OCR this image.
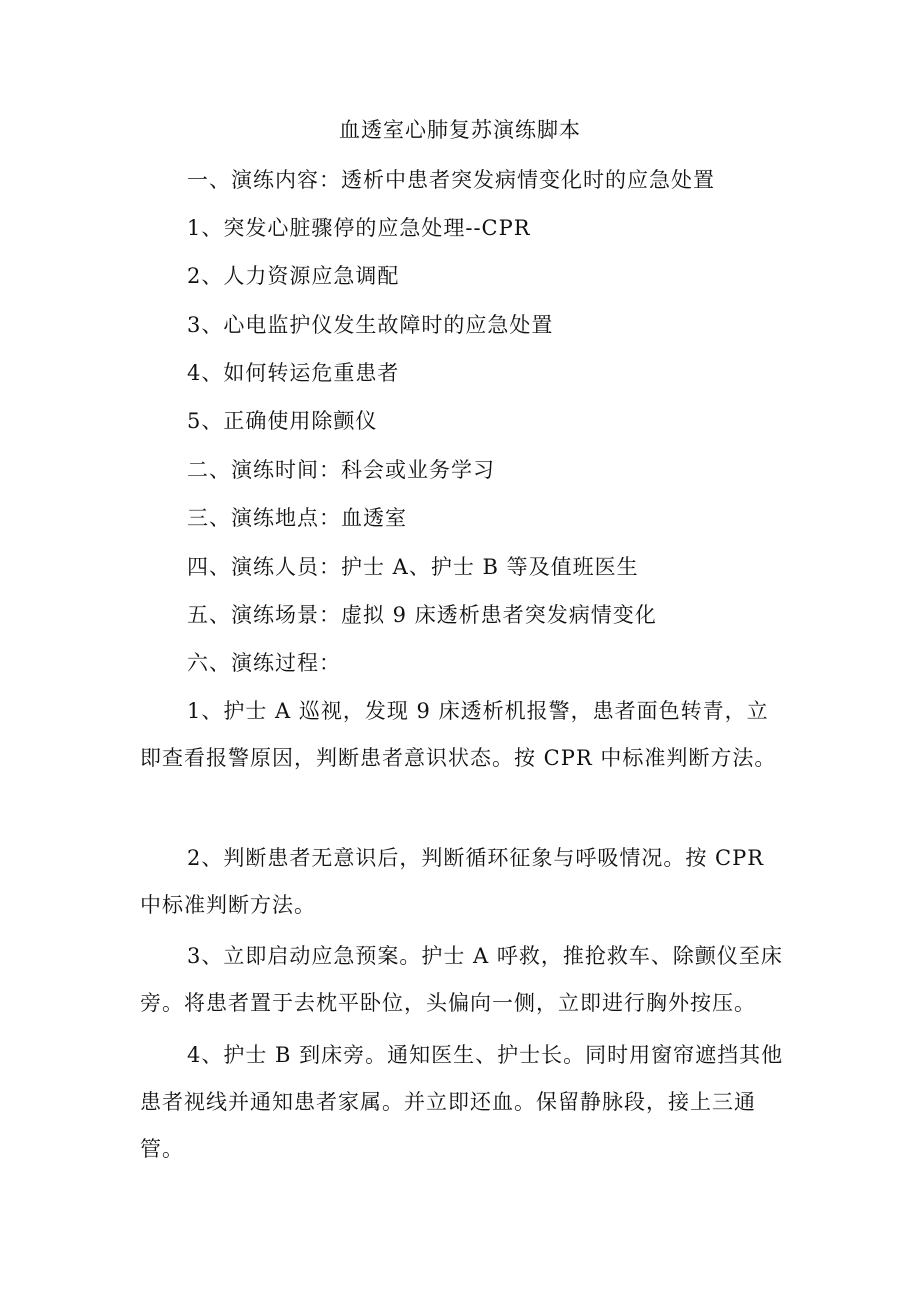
血透室心肺复苏演练脚本
一、演练内容：透析中患者突发病情变化时的应急处置
1、突发心脏骤停的应急处理--CPR
2、人力资源应急调配
3、心电监护仪发生故障时的应急处置
4、如何转运危重患者
5、正确使用除颤仪
二、演练时间：科会或业务学习
三、演练地点：血透室
四、演练人员：护士 A、护士 B 等及值班医生
五、演练场景：虚拟 9 床透析患者突发病情变化
六、演练过程：

1、护士 A 巡视，发现 9 床透析机报警，患者面色转青，立即查看报警原因，判断患者意识状态。按 CPR 中标准判断方法。

2、判断患者无意识后，判断循环征象与呼吸情况。按 CPR 中标准判断方法。

3、立即启动应急预案。护士 A 呼救，推抢救车、除颤仪至床旁。将患者置于去枕平卧位，头偏向一侧，立即进行胸外按压。

4、护士 B 到床旁。通知医生、护士长。同时用窗帘遮挡其他患者视线并通知患者家属。并立即还血。保留静脉段，接上三通管。
